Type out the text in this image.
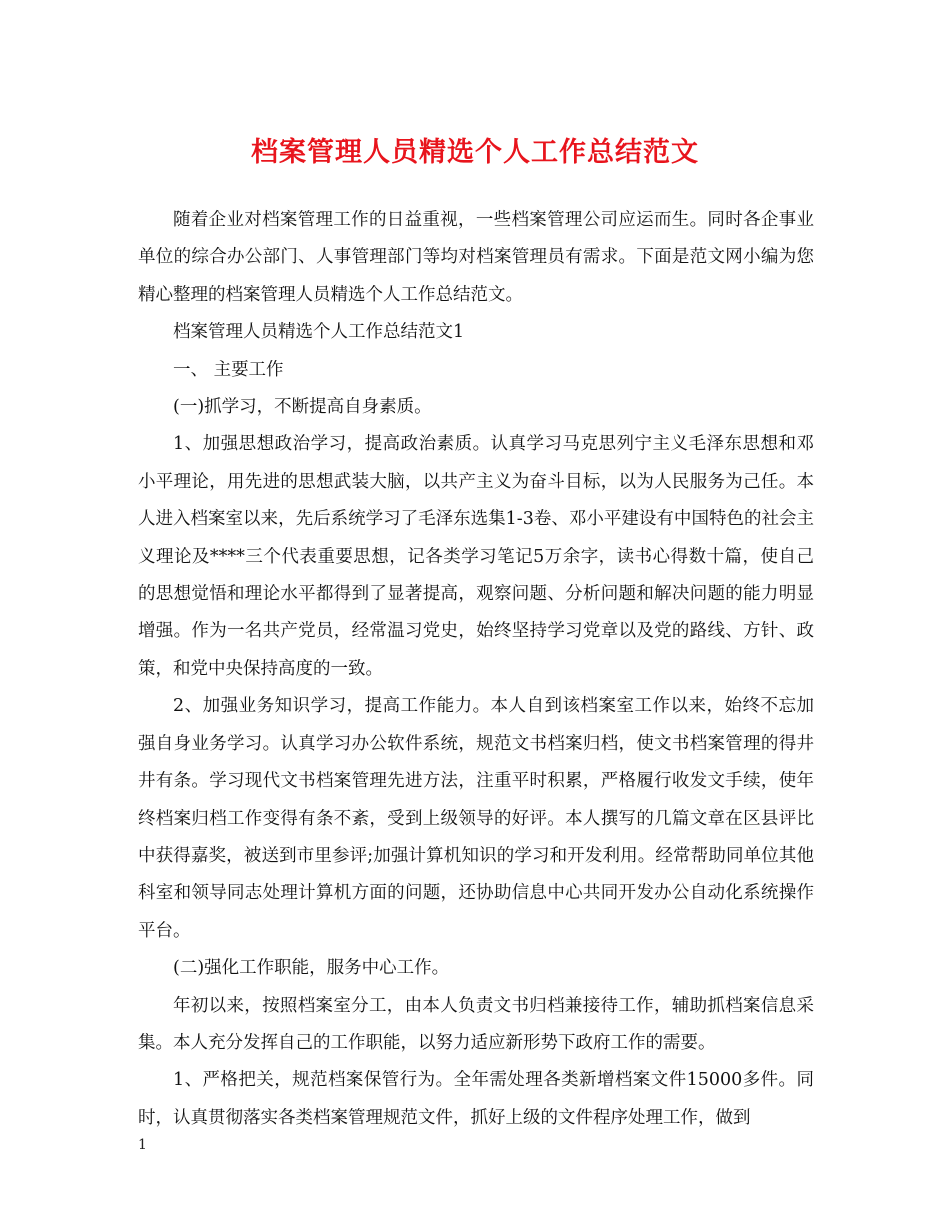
档案管理人员精选个人工作总结范文

随着企业对档案管理工作的日益重视，一些档案管理公司应运而生。同时各企事业单位的综合办公部门、人事管理部门等均对档案管理员有需求。下面是范文网小编为您精心整理的档案管理人员精选个人工作总结范文。

档案管理人员精选个人工作总结范文1

一、 主要工作

(一)抓学习，不断提高自身素质。

1、加强思想政治学习，提高政治素质。认真学习马克思列宁主义毛泽东思想和邓小平理论，用先进的思想武装大脑，以共产主义为奋斗目标，以为人民服务为己任。本人进入档案室以来，先后系统学习了毛泽东选集1-3卷、邓小平建设有中国特色的社会主义理论及****三个代表重要思想，记各类学习笔记5万余字，读书心得数十篇，使自己的思想觉悟和理论水平都得到了显著提高，观察问题、分析问题和解决问题的能力明显增强。作为一名共产党员，经常温习党史，始终坚持学习党章以及党的路线、方针、政策，和党中央保持高度的一致。

2、加强业务知识学习，提高工作能力。本人自到该档案室工作以来，始终不忘加强自身业务学习。认真学习办公软件系统，规范文书档案归档，使文书档案管理的得井井有条。学习现代文书档案管理先进方法，注重平时积累，严格履行收发文手续，使年终档案归档工作变得有条不紊，受到上级领导的好评。本人撰写的几篇文章在区县评比中获得嘉奖，被送到市里参评;加强计算机知识的学习和开发利用。经常帮助同单位其他科室和领导同志处理计算机方面的问题，还协助信息中心共同开发办公自动化系统操作平台。

(二)强化工作职能，服务中心工作。

年初以来，按照档案室分工，由本人负责文书归档兼接待工作，辅助抓档案信息采集。本人充分发挥自己的工作职能，以努力适应新形势下政府工作的需要。

1、严格把关，规范档案保管行为。全年需处理各类新增档案文件15000多件。同时，认真贯彻落实各类档案管理规范文件，抓好上级的文件程序处理工作，做到

1
